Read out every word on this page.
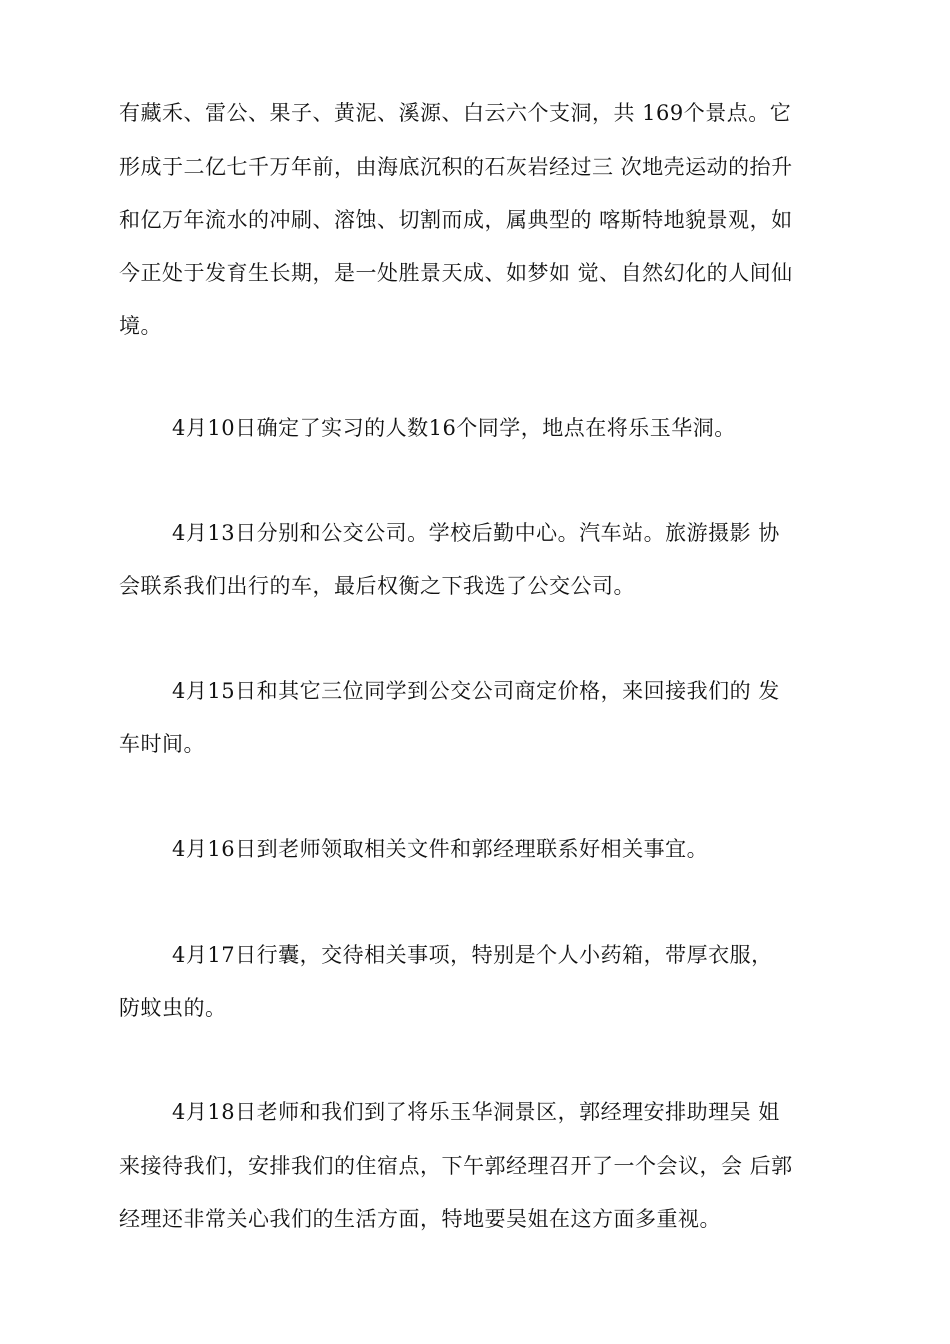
有藏禾、雷公、果子、黄泥、溪源、白云六个支洞，共 169个景点。它
形成于二亿七千万年前，由海底沉积的石灰岩经过三 次地壳运动的抬升
和亿万年流水的冲刷、溶蚀、切割而成，属典型的 喀斯特地貌景观，如
今正处于发育生长期，是一处胜景天成、如梦如 觉、自然幻化的人间仙
境。
4月10日确定了实习的人数16个同学，地点在将乐玉华洞。
4月13日分别和公交公司。学校后勤中心。汽车站。旅游摄影 协
会联系我们出行的车，最后权衡之下我选了公交公司。
4月15日和其它三位同学到公交公司商定价格，来回接我们的 发
车时间。
4月16日到老师领取相关文件和郭经理联系好相关事宜。
4月17日行囊，交待相关事项，特别是个人小药箱，带厚衣服，
防蚊虫的。
4月18日老师和我们到了将乐玉华洞景区，郭经理安排助理吴 姐
来接待我们，安排我们的住宿点，下午郭经理召开了一个会议，会 后郭
经理还非常关心我们的生活方面，特地要吴姐在这方面多重视。
